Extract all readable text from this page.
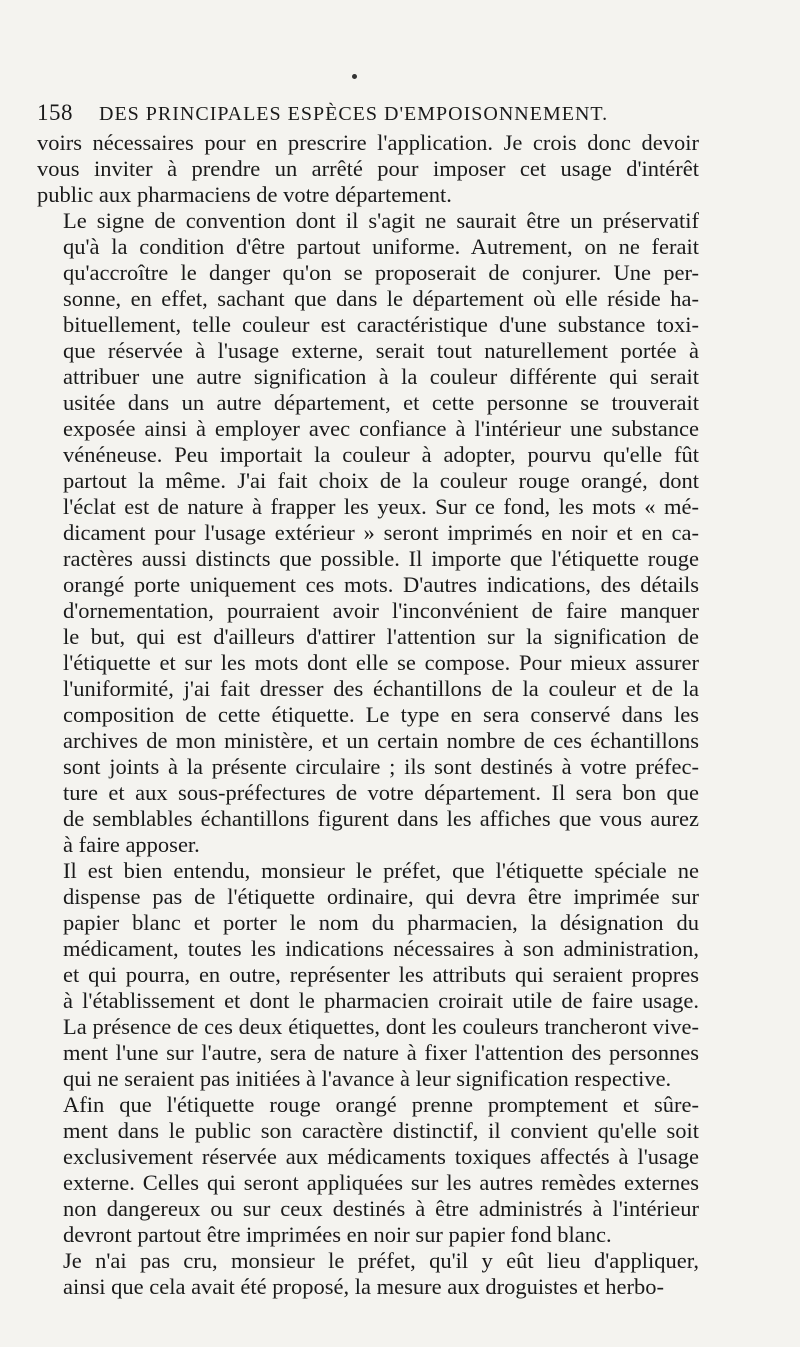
158 DES PRINCIPALES ESPÈCES D'EMPOISONNEMENT.

voirs nécessaires pour en prescrire l'application. Je crois donc devoir
vous inviter à prendre un arrêté pour imposer cet usage d'intérêt
public aux pharmaciens de votre département.

Le signe de convention dont il s'agit ne saurait être un préservatif
qu'à la condition d'être partout uniforme. Autrement, on ne ferait
qu'accroître le danger qu'on se proposerait de conjurer. Une per-
sonne, en effet, sachant que dans le département où elle réside ha-
bituellement, telle couleur est caractéristique d'une substance toxi-
que réservée à l'usage externe, serait tout naturellement portée à
attribuer une autre signification à la couleur différente qui serait
usitée dans un autre département, et cette personne se trouverait
exposée ainsi à employer avec confiance à l'intérieur une substance
vénéneuse. Peu importait la couleur à adopter, pourvu qu'elle fût
partout la même. J'ai fait choix de la couleur rouge orangé, dont
l'éclat est de nature à frapper les yeux. Sur ce fond, les mots « mé-
dicament pour l'usage extérieur » seront imprimés en noir et en ca-
ractères aussi distincts que possible. Il importe que l'étiquette rouge
orangé porte uniquement ces mots. D'autres indications, des détails
d'ornementation, pourraient avoir l'inconvénient de faire manquer
le but, qui est d'ailleurs d'attirer l'attention sur la signification de
l'étiquette et sur les mots dont elle se compose. Pour mieux assurer
l'uniformité, j'ai fait dresser des échantillons de la couleur et de la
composition de cette étiquette. Le type en sera conservé dans les
archives de mon ministère, et un certain nombre de ces échantillons
sont joints à la présente circulaire ; ils sont destinés à votre préfec-
ture et aux sous-préfectures de votre département. Il sera bon que
de semblables échantillons figurent dans les affiches que vous aurez
à faire apposer.

Il est bien entendu, monsieur le préfet, que l'étiquette spéciale ne
dispense pas de l'étiquette ordinaire, qui devra être imprimée sur
papier blanc et porter le nom du pharmacien, la désignation du
médicament, toutes les indications nécessaires à son administration,
et qui pourra, en outre, représenter les attributs qui seraient propres
à l'établissement et dont le pharmacien croirait utile de faire usage.
La présence de ces deux étiquettes, dont les couleurs trancheront vive-
ment l'une sur l'autre, sera de nature à fixer l'attention des personnes
qui ne seraient pas initiées à l'avance à leur signification respective.

Afin que l'étiquette rouge orangé prenne promptement et sûre-
ment dans le public son caractère distinctif, il convient qu'elle soit
exclusivement réservée aux médicaments toxiques affectés à l'usage
externe. Celles qui seront appliquées sur les autres remèdes externes
non dangereux ou sur ceux destinés à être administrés à l'intérieur
devront partout être imprimées en noir sur papier fond blanc.

Je n'ai pas cru, monsieur le préfet, qu'il y eût lieu d'appliquer,
ainsi que cela avait été proposé, la mesure aux droguistes et herbo-
